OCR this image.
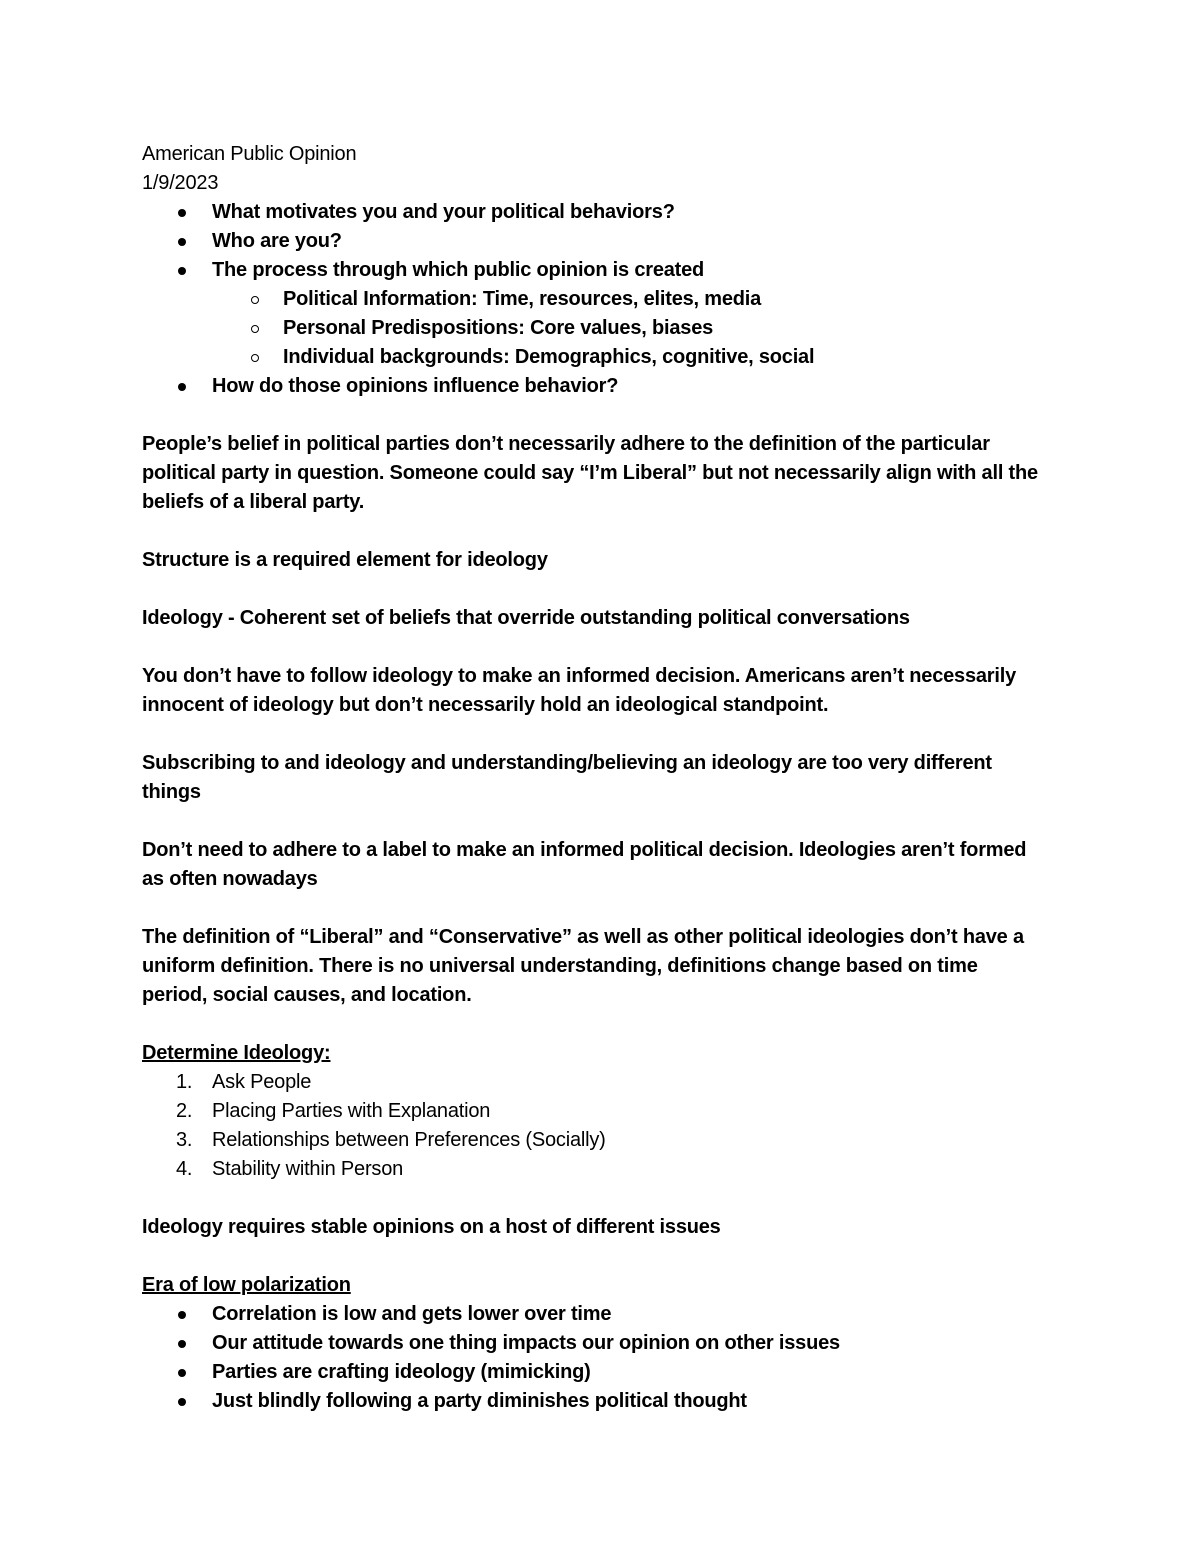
American Public Opinion

1/9/2023

What motivates you and your political behaviors?
Who are you?
The process through which public opinion is created
Political Information: Time, resources, elites, media
Personal Predispositions: Core values, biases
Individual backgrounds: Demographics, cognitive, social
How do those opinions influence behavior?

People’s belief in political parties don’t necessarily adhere to the definition of the particular political party in question. Someone could say “I’m Liberal” but not necessarily align with all the beliefs of a liberal party.

Structure is a required element for ideology

Ideology - Coherent set of beliefs that override outstanding political conversations

You don’t have to follow ideology to make an informed decision. Americans aren’t necessarily innocent of ideology but don’t necessarily hold an ideological standpoint.

Subscribing to and ideology and understanding/believing an ideology are too very different things

Don’t need to adhere to a label to make an informed political decision. Ideologies aren’t formed as often nowadays

The definition of “Liberal” and “Conservative” as well as other political ideologies don’t have a uniform definition. There is no universal understanding, definitions change based on time period, social causes, and location.

Determine Ideology:

1. Ask People
2. Placing Parties with Explanation
3. Relationships between Preferences (Socially)
4. Stability within Person

Ideology requires stable opinions on a host of different issues

Era of low polarization

Correlation is low and gets lower over time
Our attitude towards one thing impacts our opinion on other issues
Parties are crafting ideology (mimicking)
Just blindly following a party diminishes political thought
